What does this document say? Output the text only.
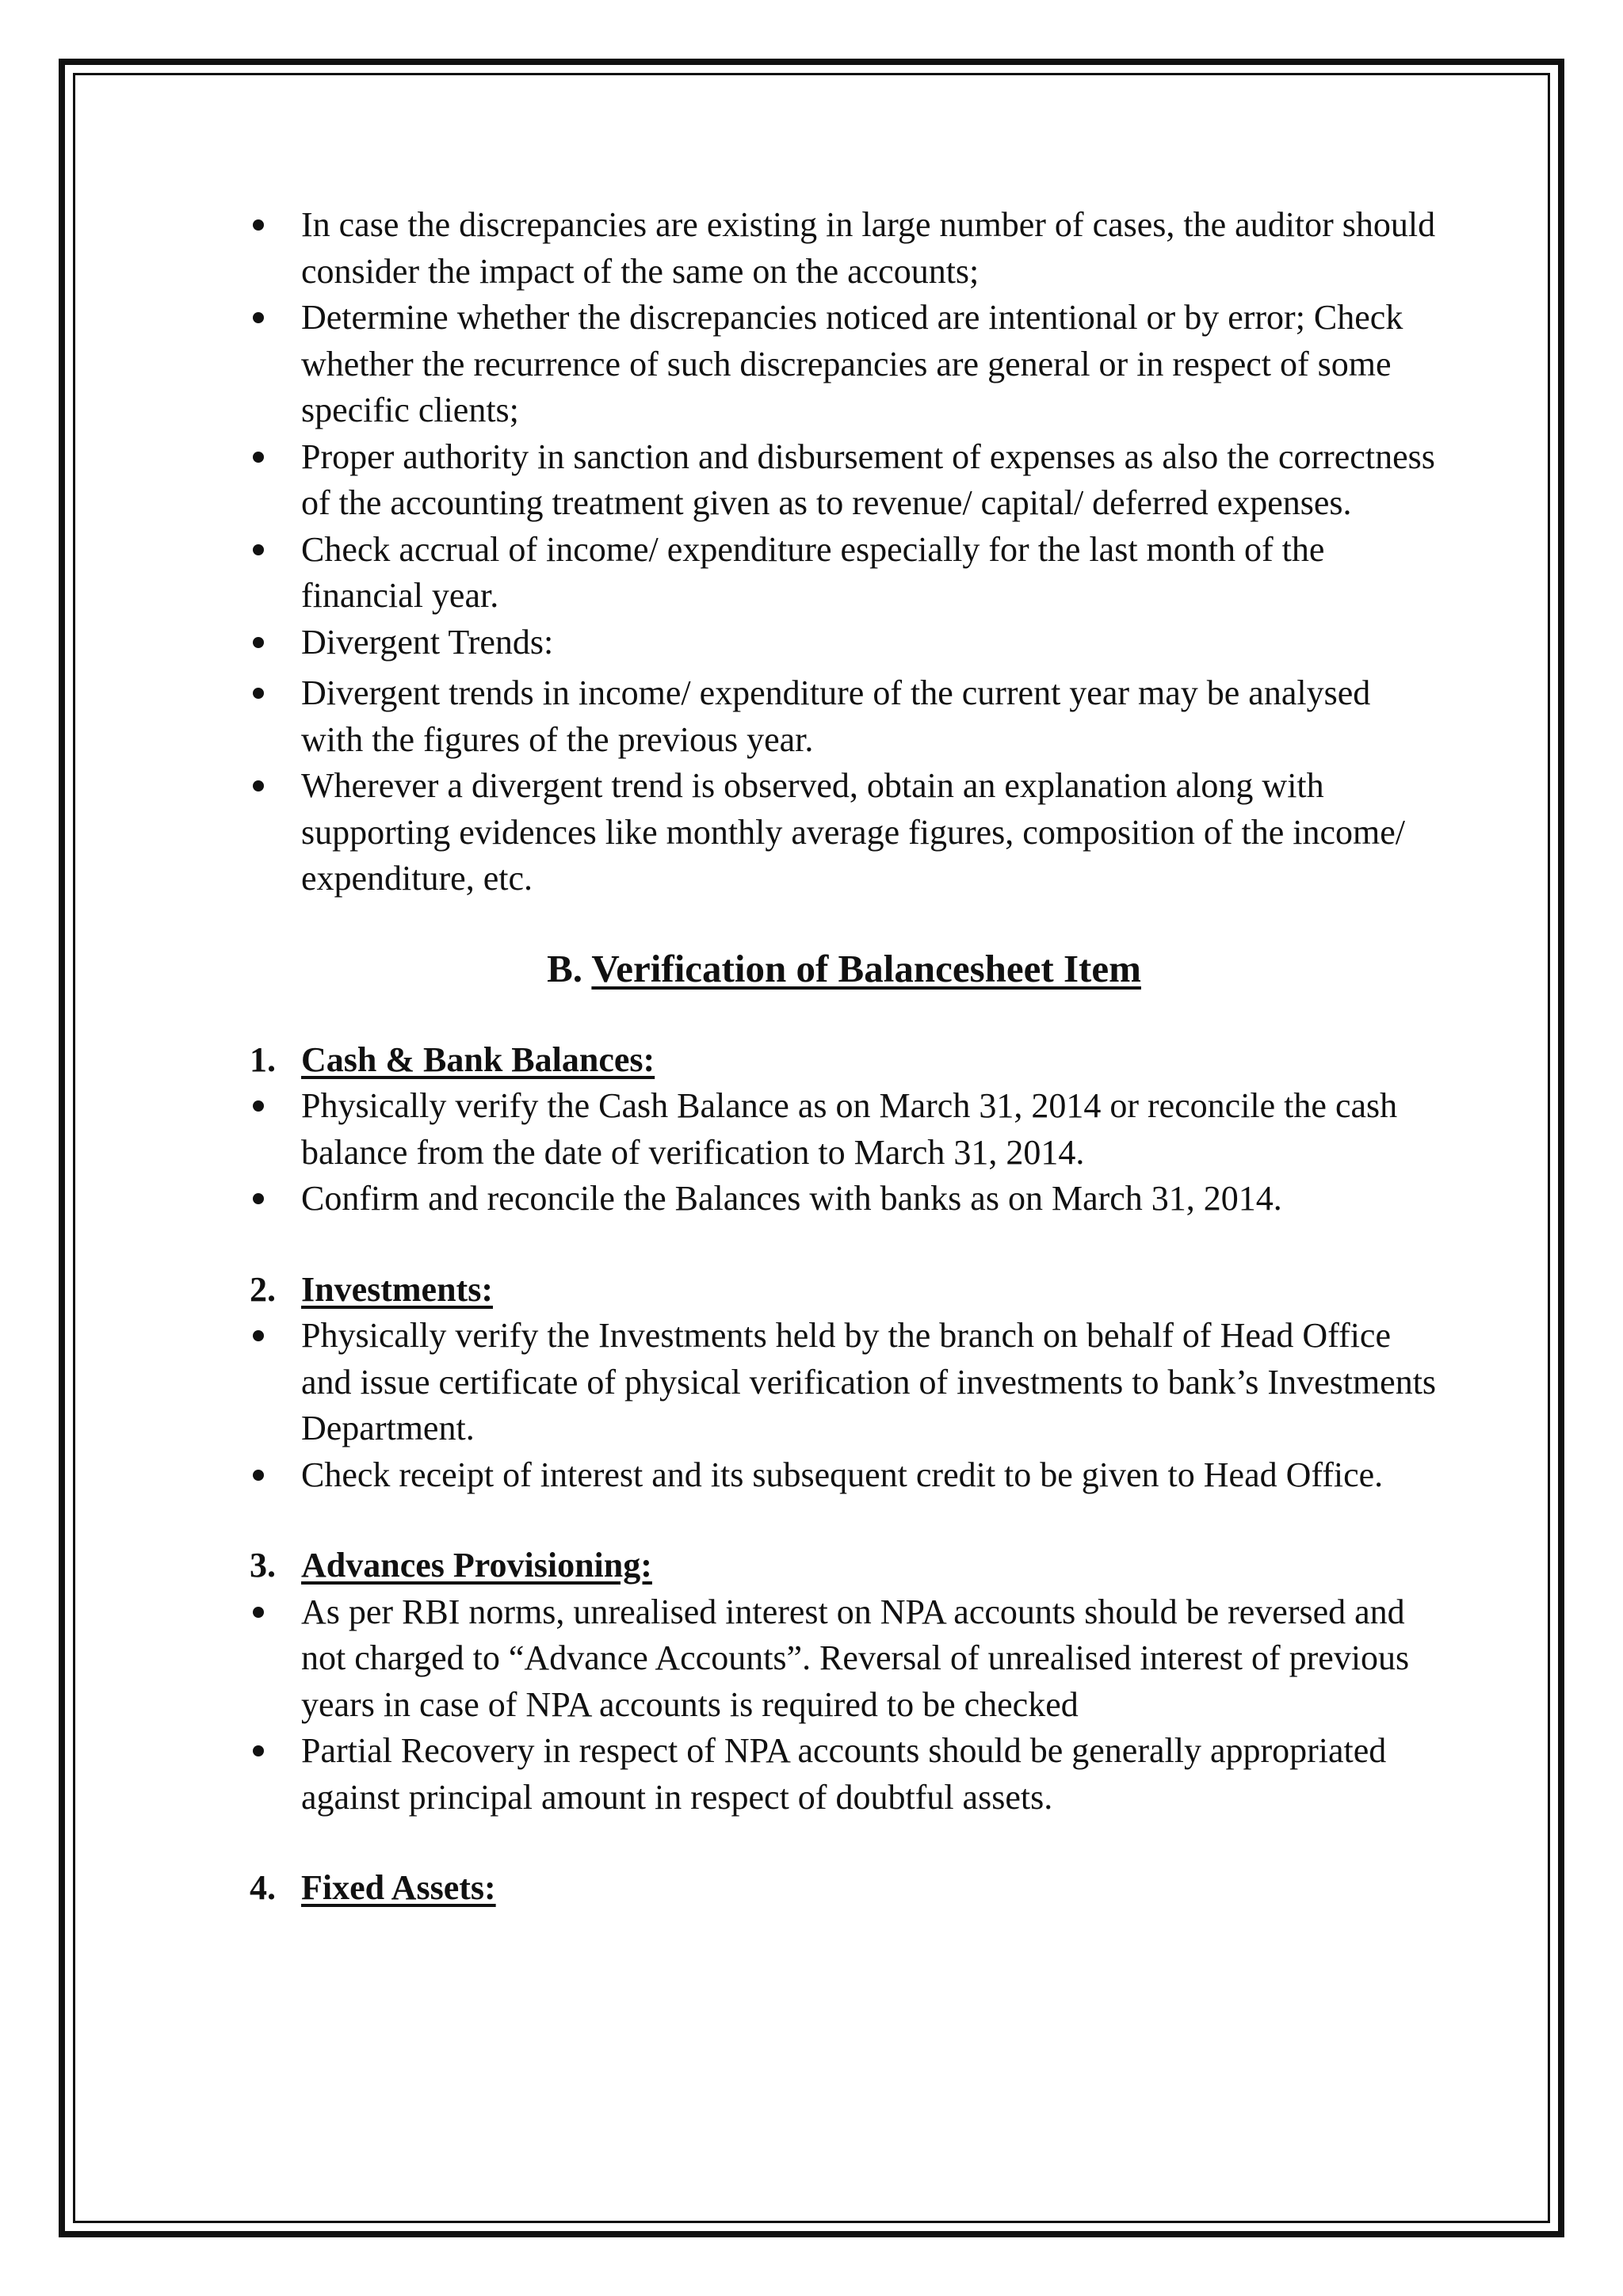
In case the discrepancies are existing in large number of cases, the auditor should consider the impact of the same on the accounts;
Determine whether the discrepancies noticed are intentional or by error; Check whether the recurrence of such discrepancies are general or in respect of some specific clients;
Proper authority in sanction and disbursement of expenses as also the correctness of the accounting treatment given as to revenue/ capital/ deferred expenses.
Check accrual of income/ expenditure especially for the last month of the financial year.
Divergent Trends:
Divergent trends in income/ expenditure of the current year may be analysed with the figures of the previous year.
Wherever a divergent trend is observed, obtain an explanation along with supporting evidences like monthly average figures, composition of the income/ expenditure, etc.
B. Verification of Balancesheet Item
1. Cash & Bank Balances:
Physically verify the Cash Balance as on March 31, 2014 or reconcile the cash balance from the date of verification to March 31, 2014.
Confirm and reconcile the Balances with banks as on March 31, 2014.
2. Investments:
Physically verify the Investments held by the branch on behalf of Head Office and issue certificate of physical verification of investments to bank’s Investments Department.
Check receipt of interest and its subsequent credit to be given to Head Office.
3. Advances Provisioning:
As per RBI norms, unrealised interest on NPA accounts should be reversed and not charged to “Advance Accounts”. Reversal of unrealised interest of previous years in case of NPA accounts is required to be checked
Partial Recovery in respect of NPA accounts should be generally appropriated against principal amount in respect of doubtful assets.
4. Fixed Assets:
